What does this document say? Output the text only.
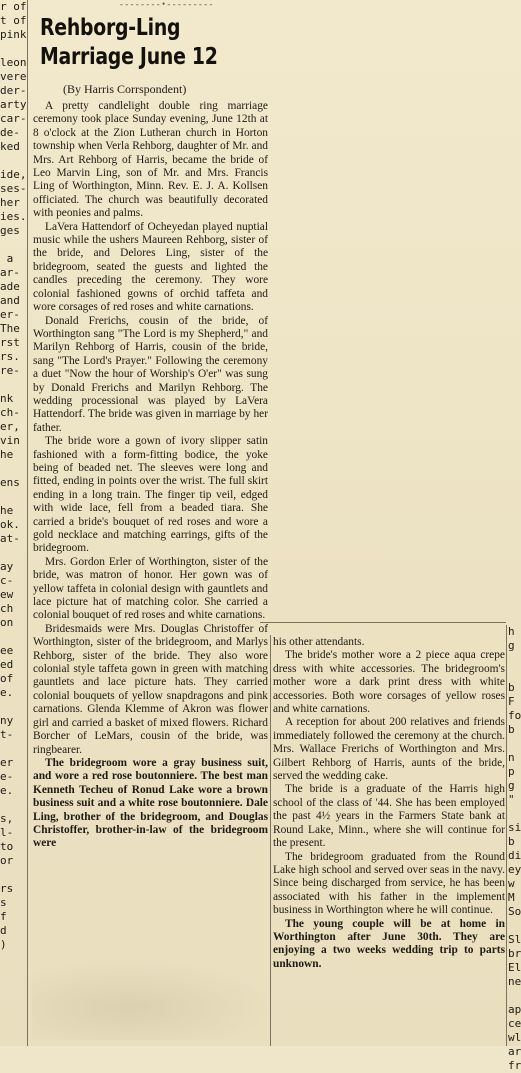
r of
t of
pink

leon
vere
der-
arty
car-
de-
ked

ide,
ses-
her
ies.
ges

a
ar-
ade
and
er-
The
rst
rs.
re-

nk
ch-
er,
vin
he

ens

he
ok.
at-

ay
c-
ew
ch
on

ee
ed
of
e.

ny
t-

er
e-
e.

s,
l-
to
or

rs
s
f
d
)
- - - - - - - - • - - - - - - - - -
Rehborg-Ling
Marriage June 12
(By Harris Corrspondent)

A pretty candlelight double ring marriage ceremony took place Sunday evening, June 12th at 8 o'clock at the Zion Lutheran church in Horton township when Verla Rehborg, daughter of Mr. and Mrs. Art Rehborg of Harris, became the bride of Leo Marvin Ling, son of Mr. and Mrs. Francis Ling of Worthington, Minn. Rev. E. J. A. Kollsen officiated. The church was beautifully decorated with peonies and palms.

LaVera Hattendorf of Ocheyedan played nuptial music while the ushers Maureen Rehborg, sister of the bride, and Delores Ling, sister of the bridegroom, seated the guests and lighted the candles preceding the ceremony. They wore colonial fashioned gowns of orchid taffeta and wore corsages of red roses and white carnations.

Donald Frerichs, cousin of the bride, of Worthington sang "The Lord is my Shepherd," and Marilyn Rehborg of Harris, cousin of the bride, sang "The Lord's Prayer." Following the ceremony a duet "Now the hour of Worship's O'er" was sung by Donald Frerichs and Marilyn Rehborg. The wedding processional was played by LaVera Hattendorf. The bride was given in marriage by her father.

The bride wore a gown of ivory slipper satin fashioned with a form-fitting bodice, the yoke being of beaded net. The sleeves were long and fitted, ending in points over the wrist. The full skirt ending in a long train. The finger tip veil, edged with wide lace, fell from a beaded tiara. She carried a bride's bouquet of red roses and wore a gold necklace and matching earrings, gifts of the bridegroom.

Mrs. Gordon Erler of Worthington, sister of the bride, was matron of honor. Her gown was of yellow taffeta in colonial design with gauntlets and lace picture hat of matching color. She carried a colonial bouquet of red roses and white carnations.

Bridesmaids were Mrs. Douglas Christoffer of Worthington, sister of the bridegroom, and Marlys Rehborg, sister of the bride. They also wore colonial style taffeta gown in green with matching gauntlets and lace picture hats. They carried colonial bouquets of yellow snapdragons and pink carnations. Glenda Klemme of Akron was flower girl and carried a basket of mixed flowers. Richard Borcher of LeMars, cousin of the bride, was ringbearer.

The bridegroom wore a gray business suit, and wore a red rose boutonniere. The best man Kenneth Techeu of Ronud Lake wore a brown business suit and a white rose boutonniere. Dale Ling, brother of the bridegroom, and Douglas Christoffer, brother-in-law of the bridegroom were

his other attendants.

The bride's mother wore a 2 piece aqua crepe dress with white accessories. The bridegroom's mother wore a dark print dress with white accessories. Both wore corsages of yellow roses and white carnations.

A reception for about 200 relatives and friends immediately followed the ceremony at the church. Mrs. Wallace Frerichs of Worthington and Mrs. Gilbert Rehborg of Harris, aunts of the bride, served the wedding cake.

The bride is a graduate of the Harris high school of the class of '44. She has been employed the past 4½ years in the Farmers State bank at Round Lake, Minn., where she will continue for the present.

The bridegroom graduated from the Round Lake high school and served over seas in the navy. Since being discharged from service, he has been associated with his father in the implement business in Worthington where he will continue.

The young couple will be at home in Worthington after June 30th. They are enjoying a two weeks wedding trip to parts unknown.

h
g

b
F
fo
b

n
p
g
"

si
b
di
ey
w
M
So

Sl
br
El
ne

ap
ce
wl
ar
fr
